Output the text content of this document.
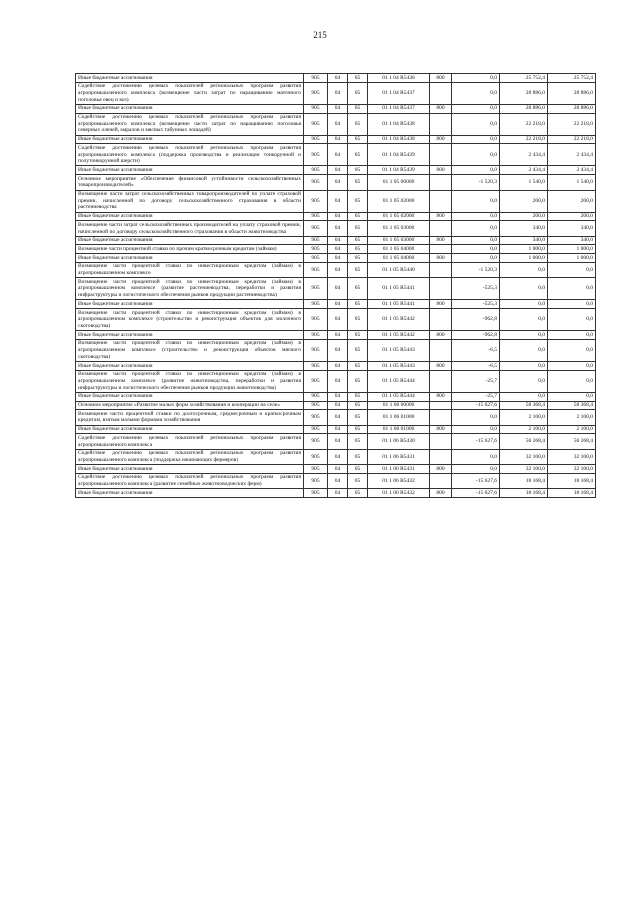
215
Иные бюджетные ассигнования	905	04	05	01 1 04 R5436	800	0,0	25 752,4	25 752,4
Содействие достижению целевых показателей региональных программ развития агропромышленного комплекса (возмещение части затрат по наращиванию маточного поголовья овец и коз)	905	04	05	01 1 04 R5437		0,0	28 886,0	28 886,0
Иные бюджетные ассигнования	905	04	05	01 1 04 R5437	800	0,0	28 886,0	28 886,0
Содействие достижению целевых показателей региональных программ развития агропромышленного комплекса (возмещение части затрат по наращиванию поголовья северных оленей, маралов и мясных табунных лошадей)	905	04	05	01 1 04 R5438		0,0	22 218,0	22 218,0
Иные бюджетные ассигнования	905	04	05	01 1 04 R5438	800	0,0	22 218,0	22 218,0
Содействие достижению целевых показателей региональных программ развития агропромышленного комплекса (поддержка производства и реализации тонкорунной и полутонкорунной шерсти)	905	04	05	01 1 04 R5439		0,0	2 434,4	2 434,4
Иные бюджетные ассигнования	905	04	05	01 1 04 R5439	800	0,0	2 434,4	2 434,4
Основное мероприятие «Обеспечение финансовой устойчивости сельскохозяйственных товаропроизводителей»	905	04	05	01 1 05 00000		-1 520,3	1 540,0	1 540,0
Возмещение части затрат сельскохозяйственных товаропроизводителей по уплате страховой премии, начисленной по договору сельскохозяйственного страхования в области растениеводства	905	04	05	01 1 05 02000		0,0	200,0	200,0
Иные бюджетные ассигнования	905	04	05	01 1 05 02000	800	0,0	200,0	200,0
Возмещение части затрат сельскохозяйственных производителей на уплату страховой премии, начисленной по договору сельскохозяйственного страхования в области животноводства	905	04	05	01 1 05 03000		0,0	340,0	340,0
Иные бюджетные ассигнования	905	04	05	01 1 05 03000	800	0,0	340,0	340,0
Возмещение части процентной ставки по прочим краткосрочным кредитам (займам)	905	04	05	01 1 05 04000		0,0	1 000,0	1 000,0
Иные бюджетные ассигнования	905	04	05	01 1 05 04000	800	0,0	1 000,0	1 000,0
Возмещение части процентной ставки по инвестиционным кредитам (займам) в агропромышленном комплексе	905	04	05	01 1 05 R5440		-1 520,3	0,0	0,0
Возмещение части процентной ставки по инвестиционным кредитам (займам) в агропромышленном комплексе (развитие растениеводства, переработки и развития инфраструктуры и логистического обеспечения рынков продукции растениеводства)	905	04	05	01 1 05 R5441		-525,3	0,0	0,0
Иные бюджетные ассигнования	905	04	05	01 1 05 R5441	800	-525,3	0,0	0,0
Возмещение части процентной ставки по инвестиционным кредитам (займам) в агропромышленном комплексе (строительство и реконструкция объектов для молочного скотоводства)	905	04	05	01 1 05 R5442		-962,8	0,0	0,0
Иные бюджетные ассигнования	905	04	05	01 1 05 R5442	800	-962,8	0,0	0,0
Возмещение части процентной ставки по инвестиционным кредитам (займам) в агропромышленном комплексе (строительство и реконструкция объектов мясного скотоводства)	905	04	05	01 1 05 R5443		-6,5	0,0	0,0
Иные бюджетные ассигнования	905	04	05	01 1 05 R5443	800	-6,5	0,0	0,0
Возмещение части процентной ставки по инвестиционным кредитам (займам) в агропромышленном комплексе (развитие животноводства, переработки и развития инфраструктуры и логистического обеспечения рынков продукции животноводства)	905	04	05	01 1 05 R5444		-25,7	0,0	0,0
Иные бюджетные ассигнования	905	04	05	01 1 05 R5444	800	-25,7	0,0	0,0
Основное мероприятие «Развитие малых форм хозяйствования и кооперации на селе»	905	04	05	01 1 06 00000		-15 627,6	58 368,4	58 368,4
Возмещение части процентной ставки по долгосрочным, среднесрочным и краткосрочным кредитам, взятым малыми формами хозяйствования	905	04	05	01 1 06 01000		0,0	2 100,0	2 100,0
Иные бюджетные ассигнования	905	04	05	01 1 06 01000	800	0,0	2 100,0	2 100,0
Содействие достижению целевых показателей региональных программ развития агропромышленного комплекса	905	04	05	01 1 06 R5430		-15 627,6	56 268,4	56 268,4
Содействие достижению целевых показателей региональных программ развития агропромышленного комплекса (поддержка начинающих фермеров)	905	04	05	01 1 06 R5431		0,0	32 100,0	32 100,0
Иные бюджетные ассигнования	905	04	05	01 1 06 R5431	800	0,0	32 100,0	32 100,0
Содействие достижению целевых показателей региональных программ развития агропромышленного комплекса (развитие семейных животноводческих ферм)	905	04	05	01 1 06 R5432		-15 627,6	18 168,4	18 168,4
Иные бюджетные ассигнования	905	04	05	01 1 06 R5432	800	-15 627,6	18 168,4	18 168,4
